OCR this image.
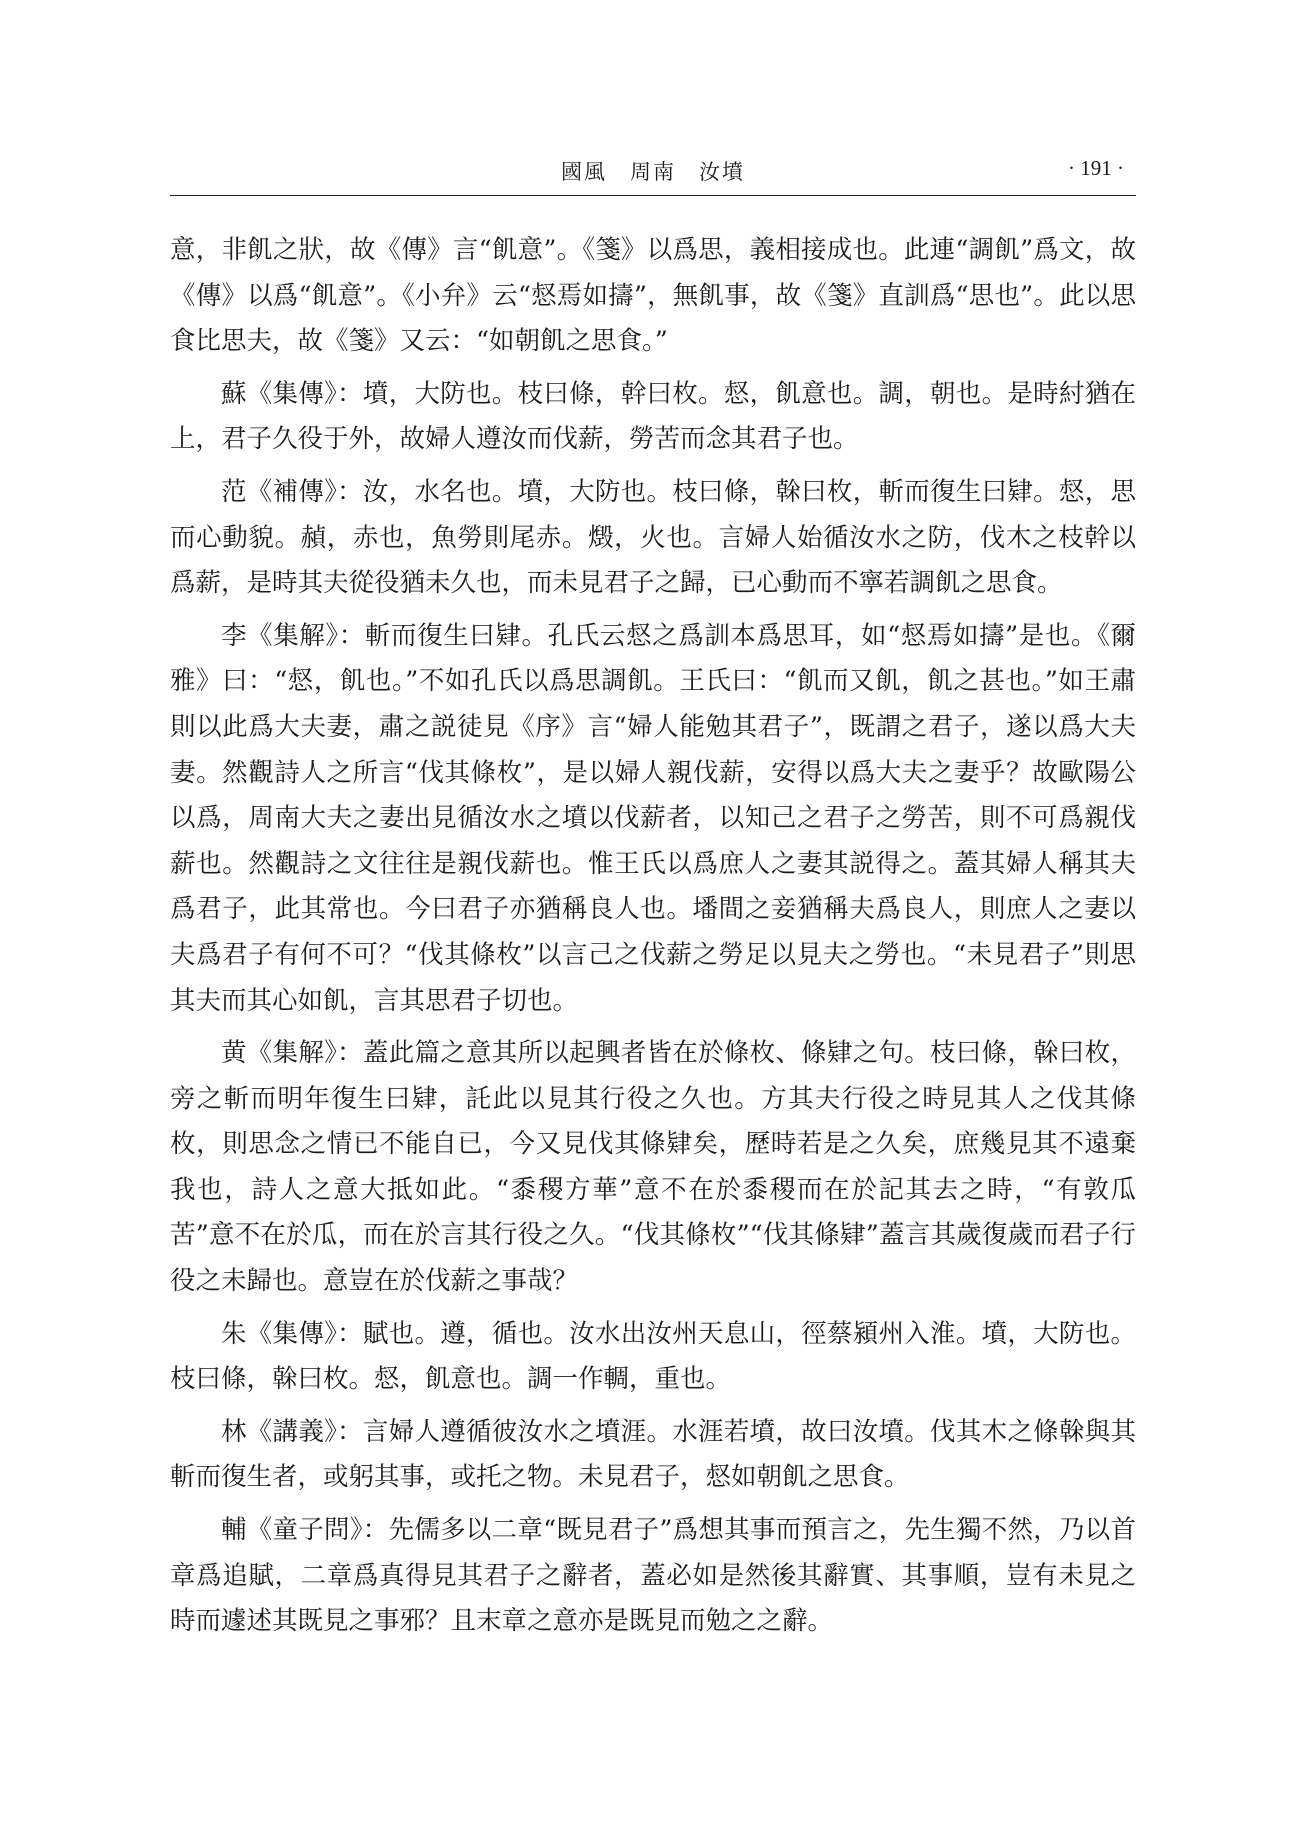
國風　周南　汝墳	· 191 ·

意，非飢之狀，故《傳》言“飢意”。《箋》以爲思，義相接成也。此連“調飢”爲文，故《傳》以爲“飢意”。《小弁》云“惄焉如擣”，無飢事，故《箋》直訓爲“思也”。此以思食比思夫，故《箋》又云：“如朝飢之思食。”

蘇《集傳》：墳，大防也。枝曰條，幹曰枚。惄，飢意也。調，朝也。是時紂猶在上，君子久役于外，故婦人遵汝而伐薪，勞苦而念其君子也。

范《補傳》：汝，水名也。墳，大防也。枝曰條，榦曰枚，斬而復生曰肄。惄，思而心動貌。赬，赤也，魚勞則尾赤。燬，火也。言婦人始循汝水之防，伐木之枝幹以爲薪，是時其夫從役猶未久也，而未見君子之歸，已心動而不寧若調飢之思食。

李《集解》：斬而復生曰肄。孔氏云惄之爲訓本爲思耳，如“惄焉如擣”是也。《爾雅》曰：“惄，飢也。”不如孔氏以爲思調飢。王氏曰：“飢而又飢，飢之甚也。”如王肅則以此爲大夫妻，肅之説徒見《序》言“婦人能勉其君子”，既謂之君子，遂以爲大夫妻。然觀詩人之所言“伐其條枚”，是以婦人親伐薪，安得以爲大夫之妻乎？故歐陽公以爲，周南大夫之妻出見循汝水之墳以伐薪者，以知己之君子之勞苦，則不可爲親伐薪也。然觀詩之文往往是親伐薪也。惟王氏以爲庶人之妻其説得之。蓋其婦人稱其夫爲君子，此其常也。今曰君子亦猶稱良人也。墦間之妾猶稱夫爲良人，則庶人之妻以夫爲君子有何不可？“伐其條枚”以言己之伐薪之勞足以見夫之勞也。“未見君子”則思其夫而其心如飢，言其思君子切也。

黄《集解》：蓋此篇之意其所以起興者皆在於條枚、條肄之句。枝曰條，榦曰枚，旁之斬而明年復生曰肄，託此以見其行役之久也。方其夫行役之時見其人之伐其條枚，則思念之情已不能自已，今又見伐其條肄矣，歷時若是之久矣，庶幾見其不遠棄我也，詩人之意大抵如此。“黍稷方華”意不在於黍稷而在於記其去之時，“有敦瓜苦”意不在於瓜，而在於言其行役之久。“伐其條枚”“伐其條肄”蓋言其歲復歲而君子行役之未歸也。意豈在於伐薪之事哉？

朱《集傳》：賦也。遵，循也。汝水出汝州天息山，徑蔡潁州入淮。墳，大防也。枝曰條，榦曰枚。惄，飢意也。調一作輖，重也。

林《講義》：言婦人遵循彼汝水之墳涯。水涯若墳，故曰汝墳。伐其木之條榦與其斬而復生者，或躬其事，或托之物。未見君子，惄如朝飢之思食。

輔《童子問》：先儒多以二章“既見君子”爲想其事而預言之，先生獨不然，乃以首章爲追賦，二章爲真得見其君子之辭者，蓋必如是然後其辭實、其事順，豈有未見之時而遽述其既見之事邪？且末章之意亦是既見而勉之之辭。
